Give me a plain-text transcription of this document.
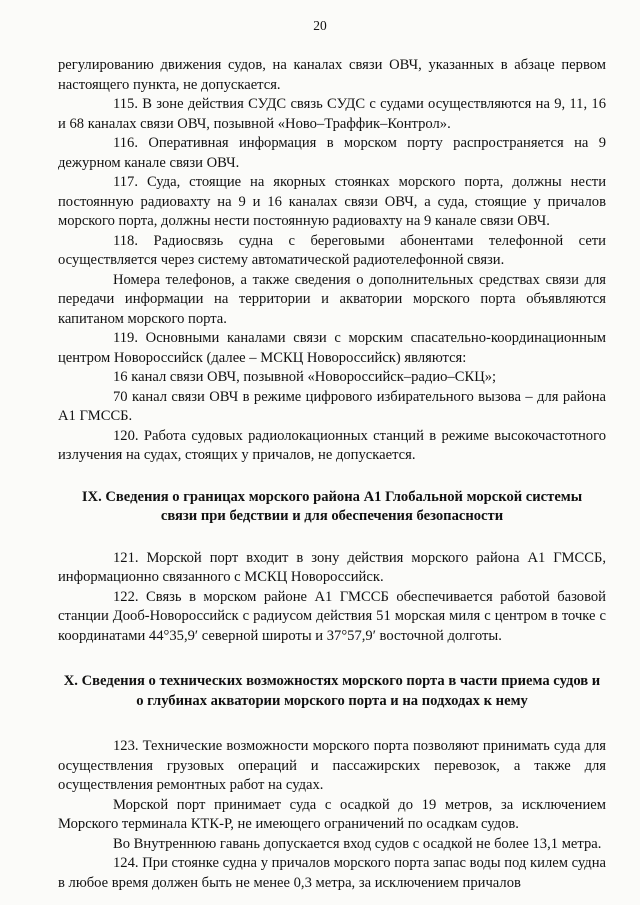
20

регулированию движения судов, на каналах связи ОВЧ, указанных в абзаце первом настоящего пункта, не допускается.

115. В зоне действия СУДС связь СУДС с судами осуществляются на 9, 11, 16 и 68 каналах связи ОВЧ, позывной «Ново–Траффик–Контрол».

116. Оперативная информация в морском порту распространяется на 9 дежурном канале связи ОВЧ.

117. Суда, стоящие на якорных стоянках морского порта, должны нести постоянную радиовахту на 9 и 16 каналах связи ОВЧ, а суда, стоящие у причалов морского порта, должны нести постоянную радиовахту на 9 канале связи ОВЧ.

118. Радиосвязь судна с береговыми абонентами телефонной сети осуществляется через систему автоматической радиотелефонной связи.

Номера телефонов, а также сведения о дополнительных средствах связи для передачи информации на территории и акватории морского порта объявляются капитаном морского порта.

119. Основными каналами связи с морским спасательно-координационным центром Новороссийск (далее – МСКЦ Новороссийск) являются:

16 канал связи ОВЧ, позывной «Новороссийск–радио–СКЦ»;

70 канал связи ОВЧ в режиме цифрового избирательного вызова – для района А1 ГМССБ.

120. Работа судовых радиолокационных станций в режиме высокочастотного излучения на судах, стоящих у причалов, не допускается.

IX. Сведения о границах морского района А1 Глобальной морской системы связи при бедствии и для обеспечения безопасности

121. Морской порт входит в зону действия морского района А1 ГМССБ, информационно связанного с МСКЦ Новороссийск.

122. Связь в морском районе А1 ГМССБ обеспечивается работой базовой станции Дооб-Новороссийск с радиусом действия 51 морская миля с центром в точке с координатами 44°35,9′ северной широты и 37°57,9′ восточной долготы.

X. Сведения о технических возможностях морского порта в части приема судов и о глубинах акватории морского порта и на подходах к нему

123. Технические возможности морского порта позволяют принимать суда для осуществления грузовых операций и пассажирских перевозок, а также для осуществления ремонтных работ на судах.

Морской порт принимает суда с осадкой до 19 метров, за исключением Морского терминала КТК-Р, не имеющего ограничений по осадкам судов.

Во Внутреннюю гавань допускается вход судов с осадкой не более 13,1 метра.

124. При стоянке судна у причалов морского порта запас воды под килем судна в любое время должен быть не менее 0,3 метра, за исключением причалов
